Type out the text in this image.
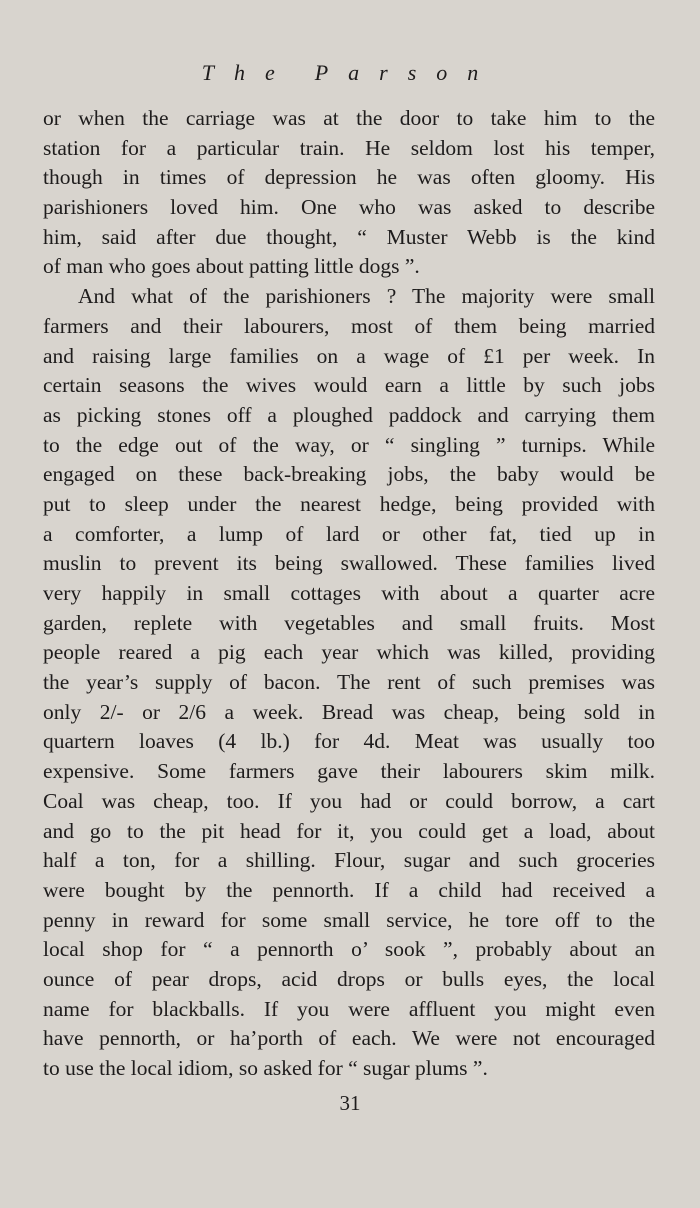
The Parson
or when the carriage was at the door to take him to the
station for a particular train. He seldom lost his temper,
though in times of depression he was often gloomy. His
parishioners loved him. One who was asked to describe
him, said after due thought, “ Muster Webb is the kind
of man who goes about patting little dogs ”.
And what of the parishioners ? The majority were small
farmers and their labourers, most of them being married
and raising large families on a wage of £1 per week. In
certain seasons the wives would earn a little by such jobs
as picking stones off a ploughed paddock and carrying them
to the edge out of the way, or “ singling ” turnips. While
engaged on these back-breaking jobs, the baby would be
put to sleep under the nearest hedge, being provided with
a comforter, a lump of lard or other fat, tied up in
muslin to prevent its being swallowed. These families lived
very happily in small cottages with about a quarter acre
garden, replete with vegetables and small fruits. Most
people reared a pig each year which was killed, providing
the year’s supply of bacon. The rent of such premises was
only 2/- or 2/6 a week. Bread was cheap, being sold in
quartern loaves (4 lb.) for 4d. Meat was usually too
expensive. Some farmers gave their labourers skim milk.
Coal was cheap, too. If you had or could borrow, a cart
and go to the pit head for it, you could get a load, about
half a ton, for a shilling. Flour, sugar and such groceries
were bought by the pennorth. If a child had received a
penny in reward for some small service, he tore off to the
local shop for “ a pennorth o’ sook ”, probably about an
ounce of pear drops, acid drops or bulls eyes, the local
name for blackballs. If you were affluent you might even
have pennorth, or ha’porth of each. We were not encouraged
to use the local idiom, so asked for “ sugar plums ”.
31
